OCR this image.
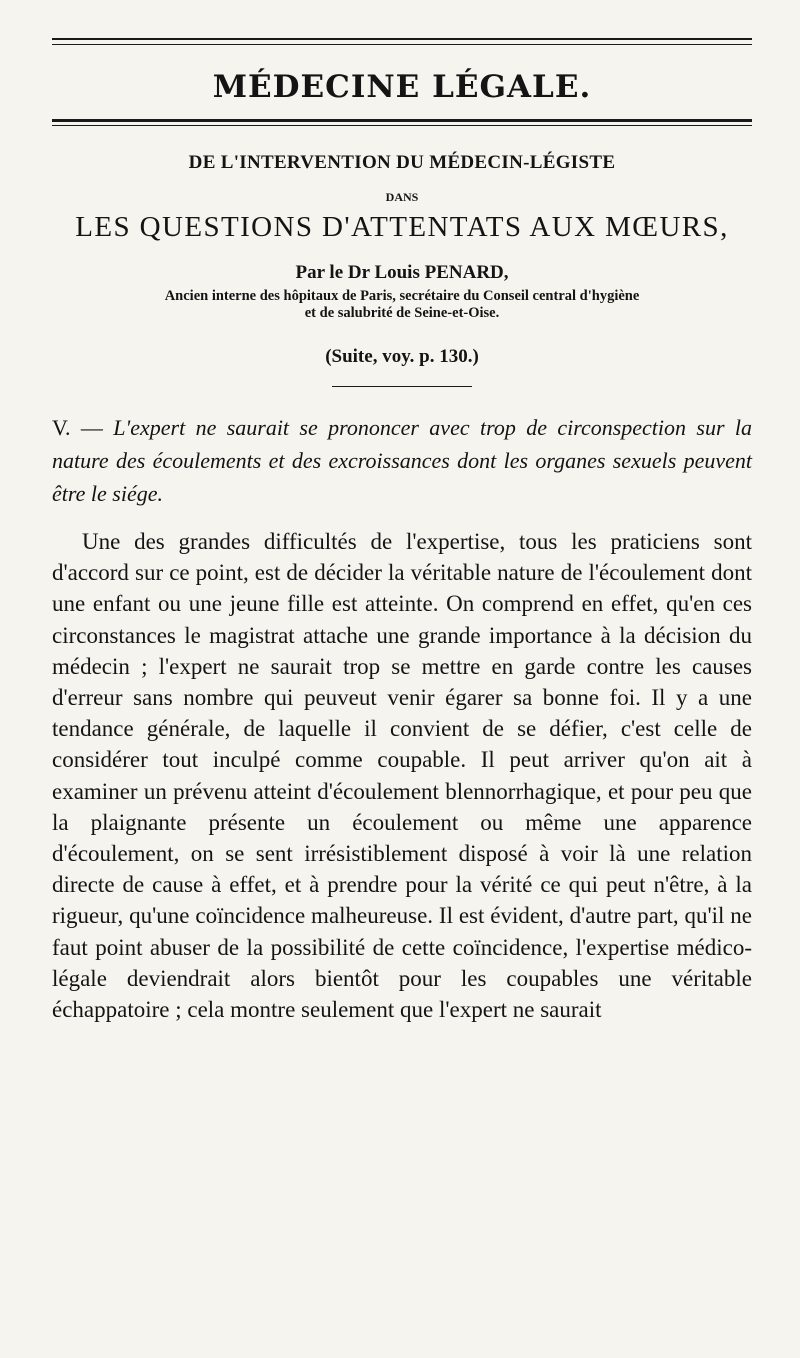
MÉDECINE LÉGALE.
DE L'INTERVENTION DU MÉDECIN-LÉGISTE
DANS
LES QUESTIONS D'ATTENTATS AUX MŒURS,
Par le Dr Louis PENARD,
Ancien interne des hôpitaux de Paris, secrétaire du Conseil central d'hygiène
et de salubrité de Seine-et-Oise.
(Suite, voy. p. 130.)
V. — L'expert ne saurait se prononcer avec trop de circonspection sur la nature des écoulements et des excroissances dont les organes sexuels peuvent être le siége.

Une des grandes difficultés de l'expertise, tous les praticiens sont d'accord sur ce point, est de décider la véritable nature de l'écoulement dont une enfant ou une jeune fille est atteinte. On comprend en effet, qu'en ces circonstances le magistrat attache une grande importance à la décision du médecin ; l'expert ne saurait trop se mettre en garde contre les causes d'erreur sans nombre qui peuveut venir égarer sa bonne foi. Il y a une tendance générale, de laquelle il convient de se défier, c'est celle de considérer tout inculpé comme coupable. Il peut arriver qu'on ait à examiner un prévenu atteint d'écoulement blennorrhagique, et pour peu que la plaignante présente un écoulement ou même une apparence d'écoulement, on se sent irrésistiblement disposé à voir là une relation directe de cause à effet, et à prendre pour la vérité ce qui peut n'être, à la rigueur, qu'une coïncidence malheureuse. Il est évident, d'autre part, qu'il ne faut point abuser de la possibilité de cette coïncidence, l'expertise médico-légale deviendrait alors bientôt pour les coupables une véritable échappatoire ; cela montre seulement que l'expert ne saurait
